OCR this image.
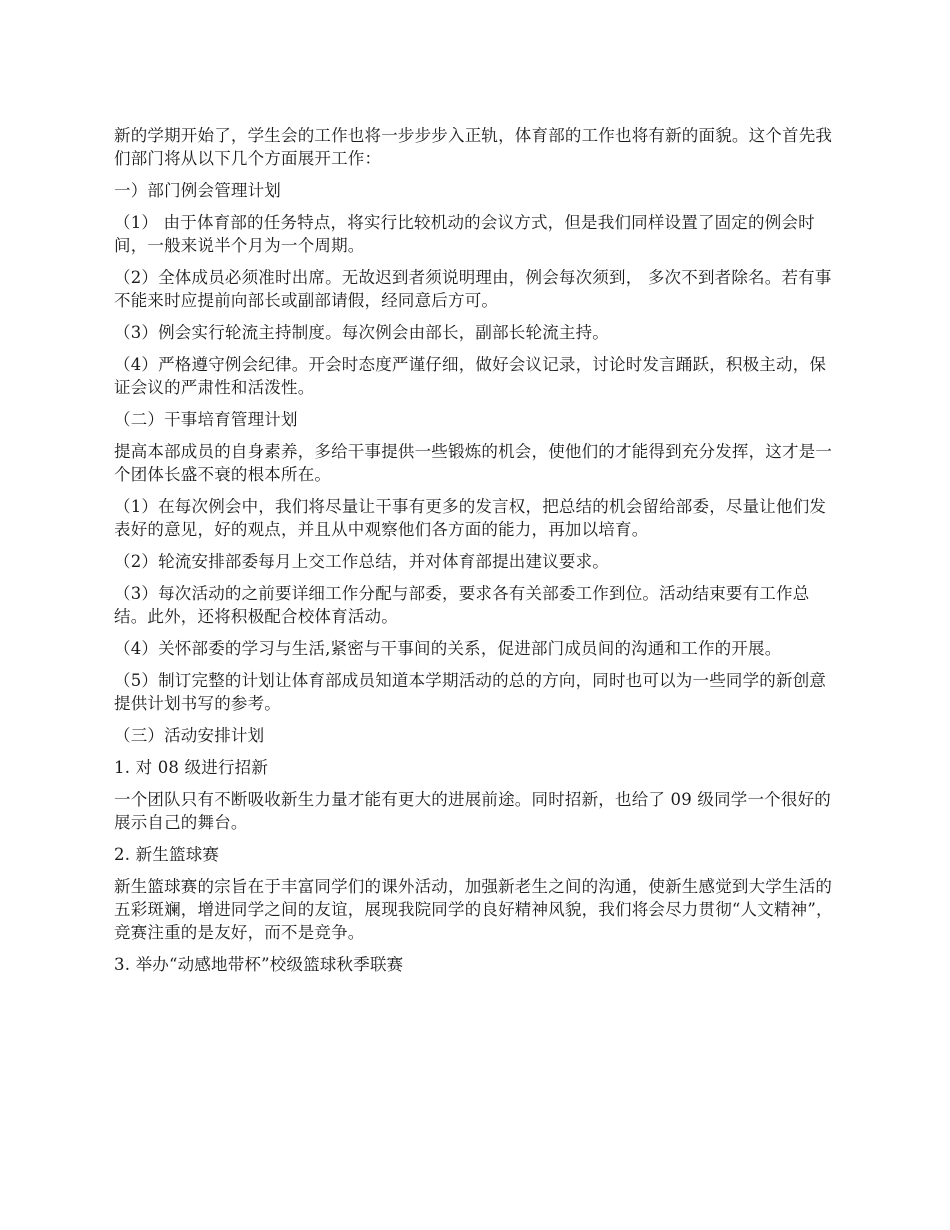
新的学期开始了，学生会的工作也将一步步步入正轨，体育部的工作也将有新的面貌。这个首先我们部门将从以下几个方面展开工作：

一）部门例会管理计划

（1） 由于体育部的任务特点，将实行比较机动的会议方式，但是我们同样设置了固定的例会时间，一般来说半个月为一个周期。

（2）全体成员必须准时出席。无故迟到者须说明理由，例会每次须到， 多次不到者除名。若有事不能来时应提前向部长或副部请假，经同意后方可。

（3）例会实行轮流主持制度。每次例会由部长，副部长轮流主持。

（4）严格遵守例会纪律。开会时态度严谨仔细，做好会议记录，讨论时发言踊跃，积极主动，保证会议的严肃性和活泼性。

（二）干事培育管理计划

提高本部成员的自身素养，多给干事提供一些锻炼的机会，使他们的才能得到充分发挥，这才是一个团体长盛不衰的根本所在。

（1）在每次例会中，我们将尽量让干事有更多的发言权，把总结的机会留给部委，尽量让他们发表好的意见，好的观点，并且从中观察他们各方面的能力，再加以培育。

（2）轮流安排部委每月上交工作总结，并对体育部提出建议要求。

（3）每次活动的之前要详细工作分配与部委，要求各有关部委工作到位。活动结束要有工作总结。此外，还将积极配合校体育活动。

（4）关怀部委的学习与生活,紧密与干事间的关系，促进部门成员间的沟通和工作的开展。

（5）制订完整的计划让体育部成员知道本学期活动的总的方向，同时也可以为一些同学的新创意提供计划书写的参考。

（三）活动安排计划

1. 对 08 级进行招新

一个团队只有不断吸收新生力量才能有更大的进展前途。同时招新，也给了 09 级同学一个很好的展示自己的舞台。

2. 新生篮球赛

新生篮球赛的宗旨在于丰富同学们的课外活动，加强新老生之间的沟通，使新生感觉到大学生活的五彩斑斓，增进同学之间的友谊，展现我院同学的良好精神风貌，我们将会尽力贯彻“人文精神”，竞赛注重的是友好，而不是竞争。

3. 举办“动感地带杯”校级篮球秋季联赛
